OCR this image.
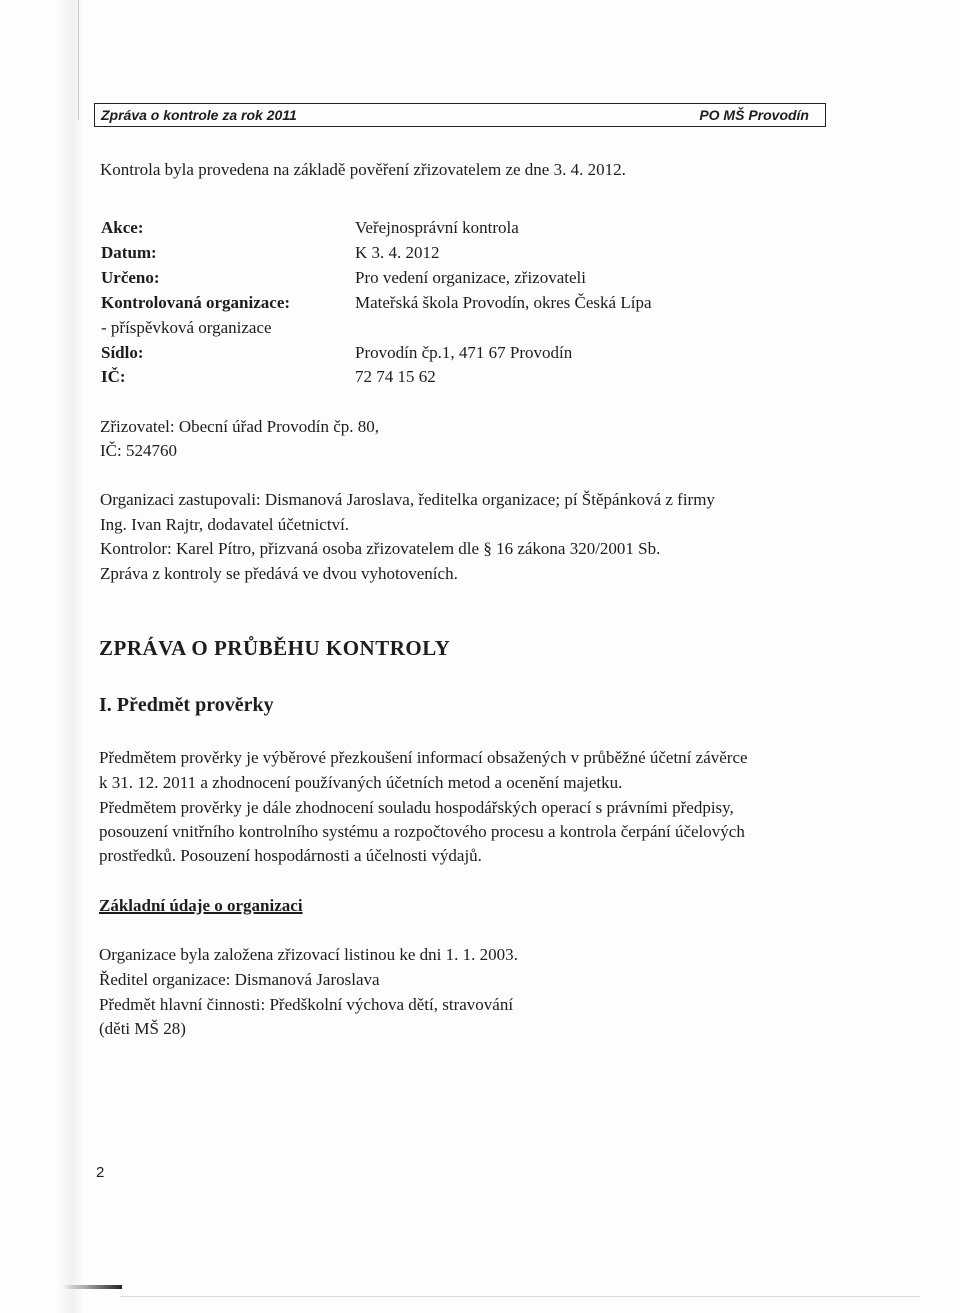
Zpráva o kontrole za rok 2011	PO MŠ Provodín
Kontrola byla provedena na základě pověření zřizovatelem ze dne 3. 4. 2012.
Akce:	Veřejnosprávní kontrola
Datum:	K 3. 4. 2012
Určeno:	Pro vedení organizace, zřizovateli
Kontrolovaná organizace:	Mateřská škola Provodín, okres Česká Lípa
- příspěvková organizace
Sídlo:	Provodín čp.1, 471 67 Provodín
IČ:	72 74 15 62
Zřizovatel: Obecní úřad Provodín čp. 80,
IČ: 524760
Organizaci zastupovali: Dismanová Jaroslava, ředitelka organizace; pí Štěpánková z firmy
Ing. Ivan Rajtr, dodavatel účetnictví.
Kontrolor: Karel Pítro, přizvaná osoba zřizovatelem dle § 16 zákona 320/2001 Sb.
Zpráva z kontroly se předává ve dvou vyhotoveních.
ZPRÁVA O PRŮBĚHU KONTROLY
I. Předmět prověrky
Předmětem prověrky je výběrové přezkoušení informací obsažených v průběžné účetní závěrce
k 31. 12. 2011 a zhodnocení používaných účetních metod a ocenění majetku.
Předmětem prověrky je dále zhodnocení souladu hospodářských operací s právními předpisy,
posouzení vnitřního kontrolního systému a rozpočtového procesu a kontrola čerpání účelových
prostředků. Posouzení hospodárnosti a účelnosti výdajů.
Základní údaje o organizaci
Organizace byla založena zřizovací listinou ke dni 1. 1. 2003.
Ředitel organizace: Dismanová Jaroslava
Předmět hlavní činnosti: Předškolní výchova dětí, stravování
(děti MŠ 28)
2
